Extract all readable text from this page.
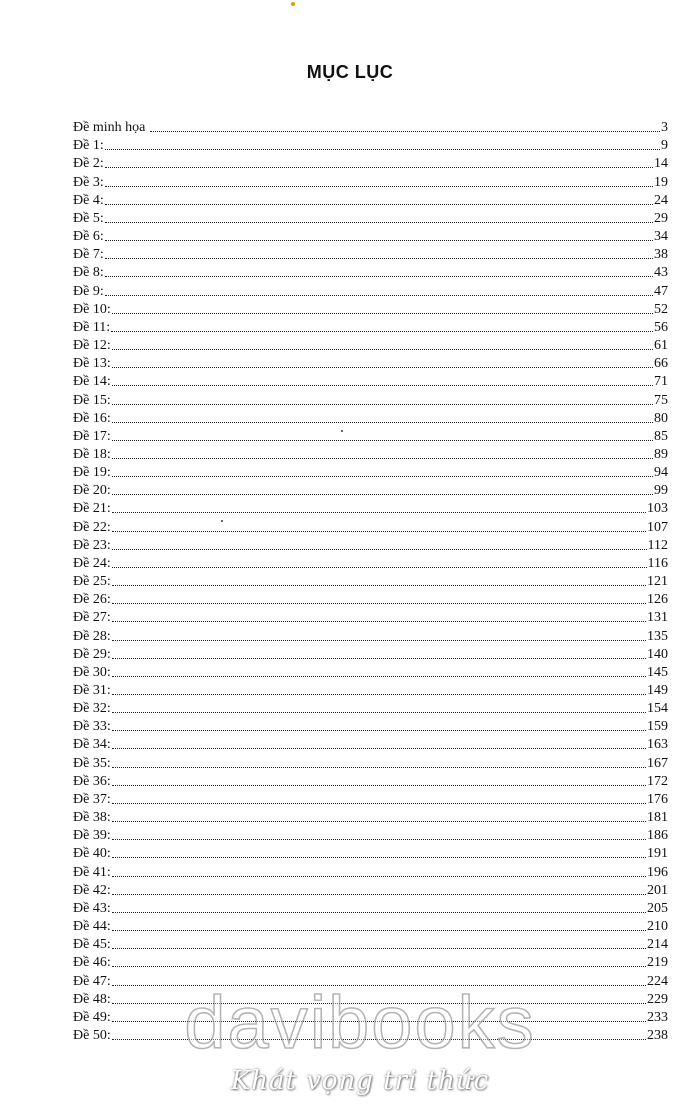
MỤC LỤC
Đề minh họa	3
Đề 1:	9
Đề 2:	14
Đề 3:	19
Đề 4:	24
Đề 5:	29
Đề 6:	34
Đề 7:	38
Đề 8:	43
Đề 9:	47
Đề 10:	52
Đề 11:	56
Đề 12:	61
Đề 13:	66
Đề 14:	71
Đề 15:	75
Đề 16:	80
Đề 17:	85
Đề 18:	89
Đề 19:	94
Đề 20:	99
Đề 21:	103
Đề 22:	107
Đề 23:	112
Đề 24:	116
Đề 25:	121
Đề 26:	126
Đề 27:	131
Đề 28:	135
Đề 29:	140
Đề 30:	145
Đề 31:	149
Đề 32:	154
Đề 33:	159
Đề 34:	163
Đề 35:	167
Đề 36:	172
Đề 37:	176
Đề 38:	181
Đề 39:	186
Đề 40:	191
Đề 41:	196
Đề 42:	201
Đề 43:	205
Đề 44:	210
Đề 45:	214
Đề 46:	219
Đề 47:	224
Đề 48:	229
Đề 49:	233
Đề 50:	238
davibooks
Khát vọng tri thức
